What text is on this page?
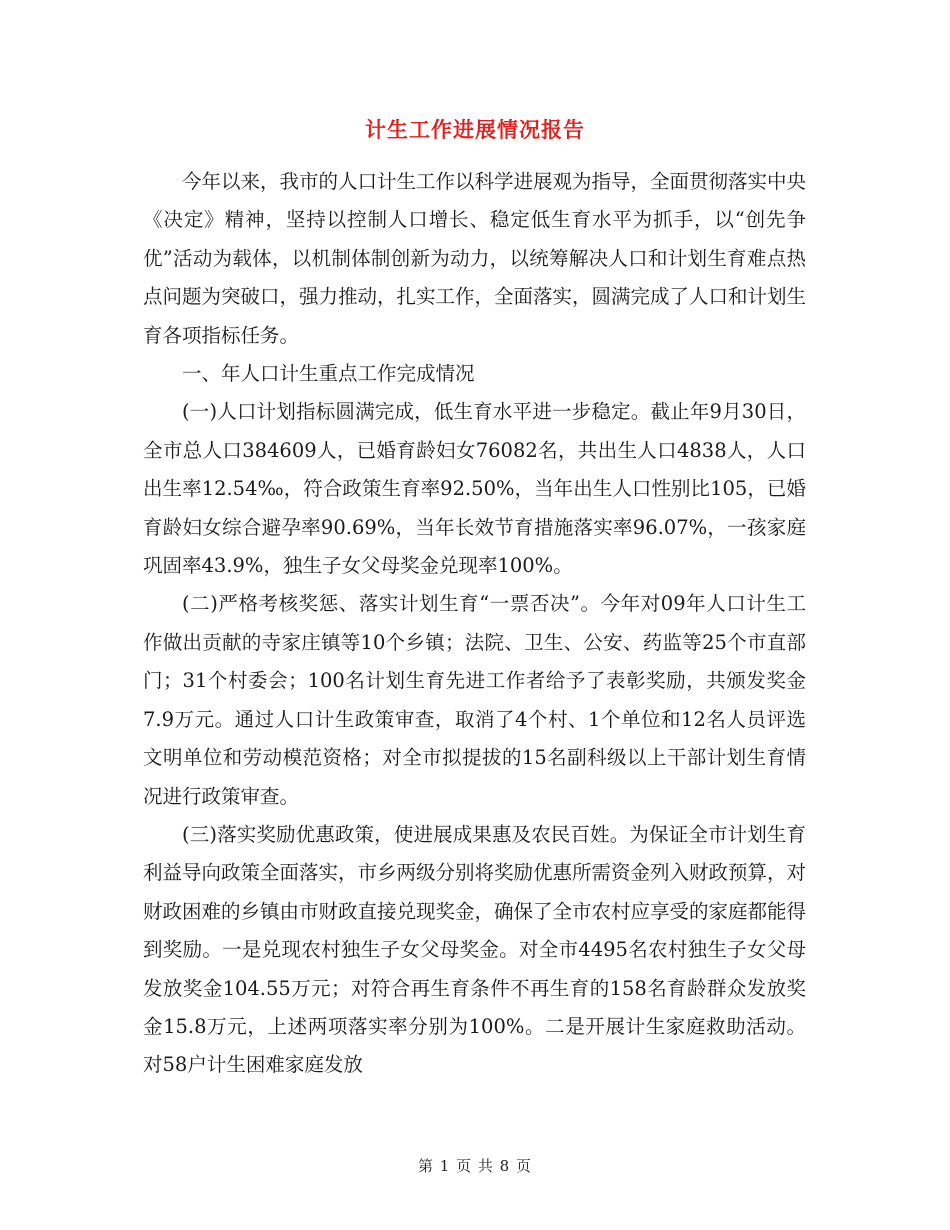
计生工作进展情况报告

今年以来，我市的人口计生工作以科学进展观为指导，全面贯彻落实中央《决定》精神，坚持以控制人口增长、稳定低生育水平为抓手，以“创先争优”活动为载体，以机制体制创新为动力，以统筹解决人口和计划生育难点热点问题为突破口，强力推动，扎实工作，全面落实，圆满完成了人口和计划生育各项指标任务。

一、年人口计生重点工作完成情况

(一)人口计划指标圆满完成，低生育水平进一步稳定。截止年9月30日，全市总人口384609人，已婚育龄妇女76082名，共出生人口4838人，人口出生率12.54‰，符合政策生育率92.50%，当年出生人口性别比105，已婚育龄妇女综合避孕率90.69%，当年长效节育措施落实率96.07%，一孩家庭巩固率43.9%，独生子女父母奖金兑现率100%。

(二)严格考核奖惩、落实计划生育“一票否决”。今年对09年人口计生工作做出贡献的寺家庄镇等10个乡镇；法院、卫生、公安、药监等25个市直部门；31个村委会；100名计划生育先进工作者给予了表彰奖励，共颁发奖金7.9万元。通过人口计生政策审查，取消了4个村、1个单位和12名人员评选文明单位和劳动模范资格；对全市拟提拔的15名副科级以上干部计划生育情况进行政策审查。

(三)落实奖励优惠政策，使进展成果惠及农民百姓。为保证全市计划生育利益导向政策全面落实，市乡两级分别将奖励优惠所需资金列入财政预算，对财政困难的乡镇由市财政直接兑现奖金，确保了全市农村应享受的家庭都能得到奖励。一是兑现农村独生子女父母奖金。对全市4495名农村独生子女父母发放奖金104.55万元；对符合再生育条件不再生育的158名育龄群众发放奖金15.8万元，上述两项落实率分别为100%。二是开展计生家庭救助活动。对58户计生困难家庭发放

第 1 页 共 8 页
